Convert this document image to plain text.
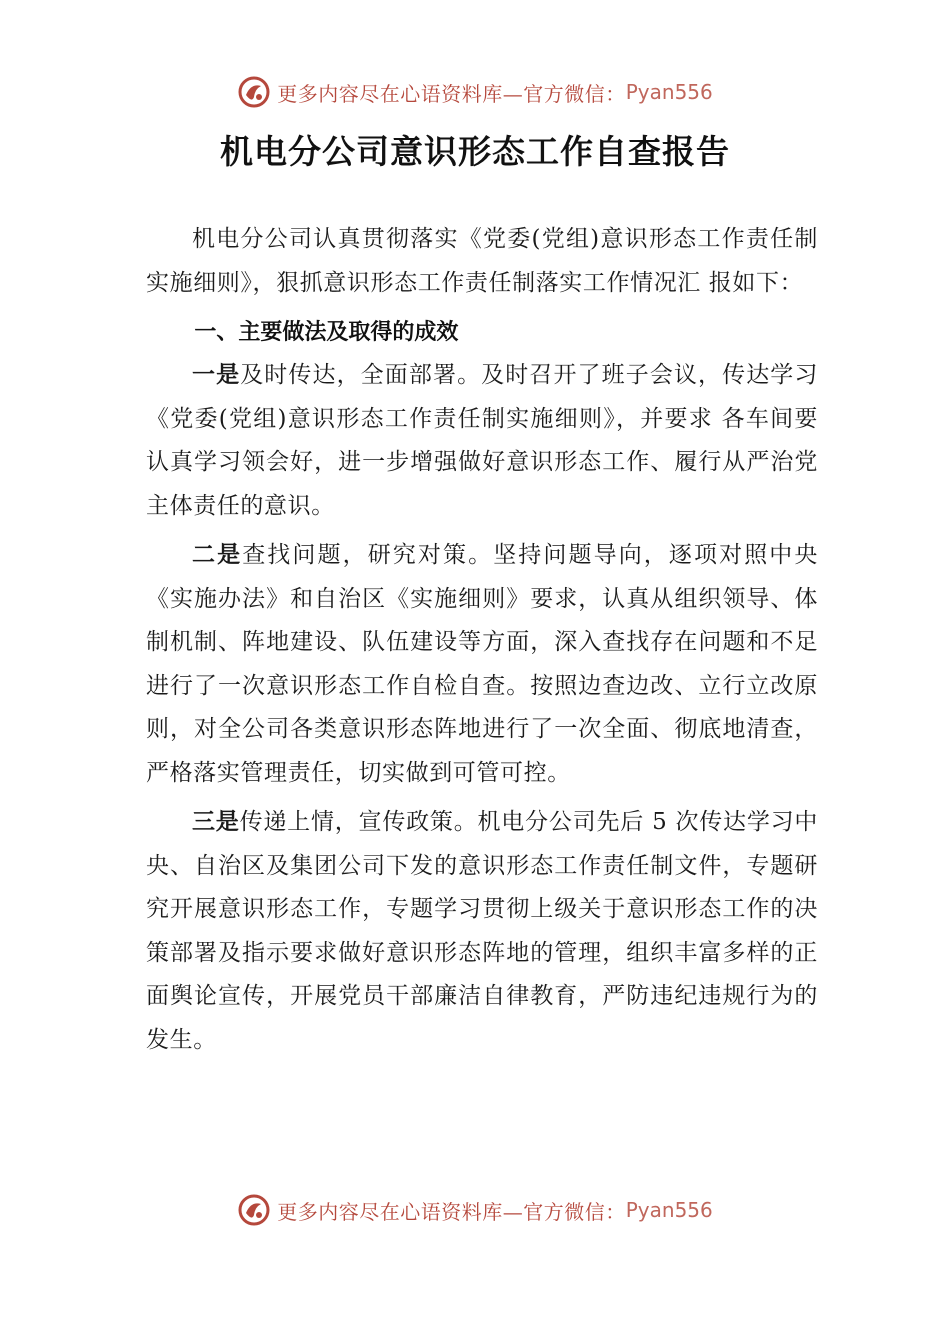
更多内容尽在心语资料库—官方微信： Pyan556
机电分公司意识形态工作自查报告

机电分公司认真贯彻落实《党委(党组)意识形态工作责任制实施细则》，狠抓意识形态工作责任制落实工作情况汇 报如下：

一、主要做法及取得的成效

一是及时传达，全面部署。及时召开了班子会议，传达学习《党委(党组)意识形态工作责任制实施细则》，并要求 各车间要认真学习领会好，进一步增强做好意识形态工作、履行从严治党主体责任的意识。

二是查找问题，研究对策。坚持问题导向，逐项对照中央《实施办法》和自治区《实施细则》要求，认真从组织领导、体制机制、阵地建设、队伍建设等方面，深入查找存在问题和不足进行了一次意识形态工作自检自查。按照边查边改、立行立改原则，对全公司各类意识形态阵地进行了一次全面、彻底地清查，严格落实管理责任，切实做到可管可控。

三是传递上情，宣传政策。机电分公司先后 5 次传达学习中央、自治区及集团公司下发的意识形态工作责任制文件，专题研究开展意识形态工作，专题学习贯彻上级关于意识形态工作的决策部署及指示要求做好意识形态阵地的管理，组织丰富多样的正面舆论宣传，开展党员干部廉洁自律教育，严防违纪违规行为的发生。

更多内容尽在心语资料库—官方微信： Pyan556
